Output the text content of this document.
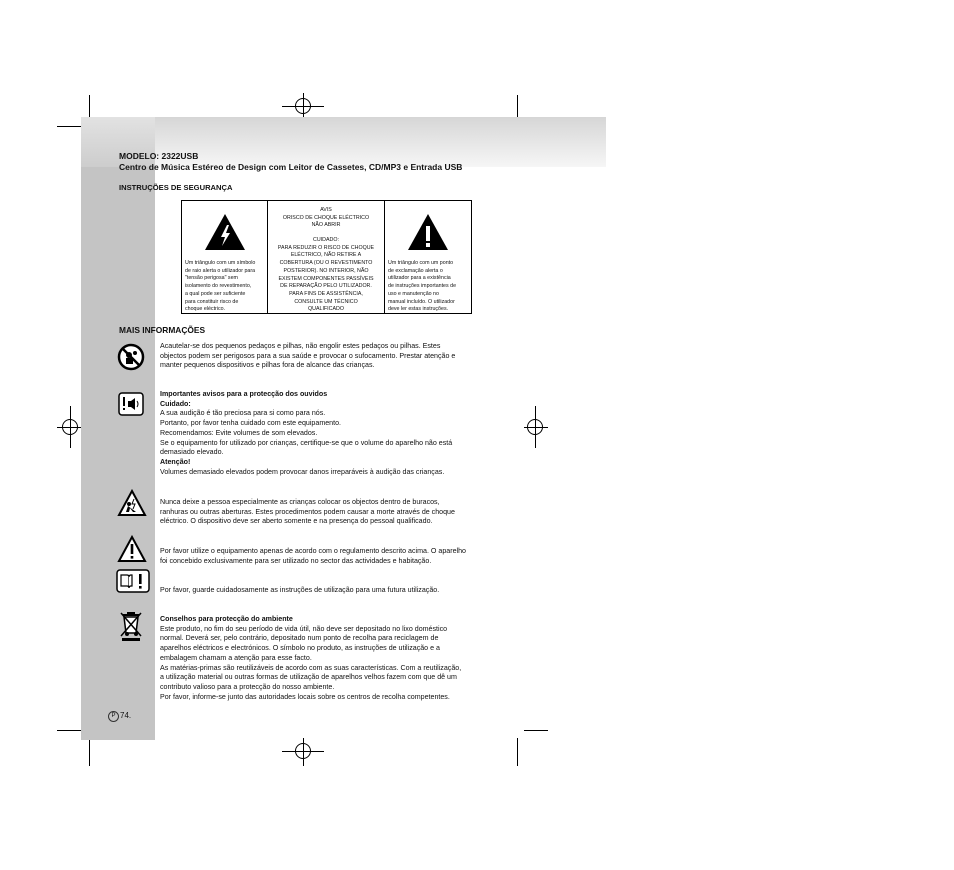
MODELO: 2322USB
Centro de Música Estéreo de Design com Leitor de Cassetes, CD/MP3 e Entrada USB
INSTRUÇÕES DE SEGURANÇA
Um triângulo com um símbolo
de raio alerta o utilizador para
"tensão perigosa" sem
isolamento do revestimento,
a qual pode ser suficiente
para constituir risco de
choque eléctrico.
AVIS
ORISCO DE CHOQUE ELÉCTRICO
NÃO ABRIR
CUIDADO:
PARA REDUZIR O RISCO DE CHOQUE
ELÉCTRICO, NÃO RETIRE A
COBERTURA (OU O REVESTIMENTO
POSTERIOR). NO INTERIOR, NÃO
EXISTEM COMPONENTES PASSÍVEIS
DE REPARAÇÃO PELO UTILIZADOR.
PARA FINS DE ASSISTÊNCIA,
CONSULTE UM TÉCNICO
QUALIFICADO
Um triângulo com um ponto
de exclamação alerta o
utilizador para a existência
de instruções importantes de
uso e manutenção no
manual incluído. O utilizador
deve ler estas instruções.
MAIS INFORMAÇÕES
Acautelar-se dos pequenos pedaços e pilhas, não engolir estes pedaços ou pilhas. Estes
objectos podem ser perigosos para a sua saúde e provocar o sufocamento. Prestar atenção e
manter pequenos dispositivos e pilhas fora de alcance das crianças.
Importantes avisos para a protecção dos ouvidos
Cuidado:
A sua audição é tão preciosa para si como para nós.
Portanto, por favor tenha cuidado com este equipamento.
Recomendamos: Evite volumes de som elevados.
Se o equipamento for utilizado por crianças, certifique-se que o volume do aparelho não está
demasiado elevado.
Atenção!
Volumes demasiado elevados podem provocar danos irreparáveis à audição das crianças.
Nunca deixe a pessoa especialmente as crianças colocar os objectos dentro de buracos,
ranhuras ou outras aberturas. Estes procedimentos podem causar a morte através de choque
eléctrico. O dispositivo deve ser aberto somente e na presença do pessoal qualificado.
Por favor utilize o equipamento apenas de acordo com o regulamento descrito acima. O aparelho
foi concebido exclusivamente para ser utilizado no sector das actividades e habitação.
Por favor, guarde cuidadosamente as instruções de utilização para uma futura utilização.
Conselhos para protecção do ambiente
Este produto, no fim do seu período de vida útil, não deve ser depositado no lixo doméstico
normal. Deverá ser, pelo contrário, depositado num ponto de recolha para reciclagem de
aparelhos eléctricos e electrónicos. O símbolo no produto, as instruções de utilização e a
embalagem chamam a atenção para esse facto.
As matérias-primas são reutilizáveis de acordo com as suas características. Com a reutilização,
a utilização material ou outras formas de utilização de aparelhos velhos fazem com que dê um
contributo valioso para a protecção do nosso ambiente.
Por favor, informe-se junto das autoridades locais sobre os centros de recolha competentes.
P 74.
